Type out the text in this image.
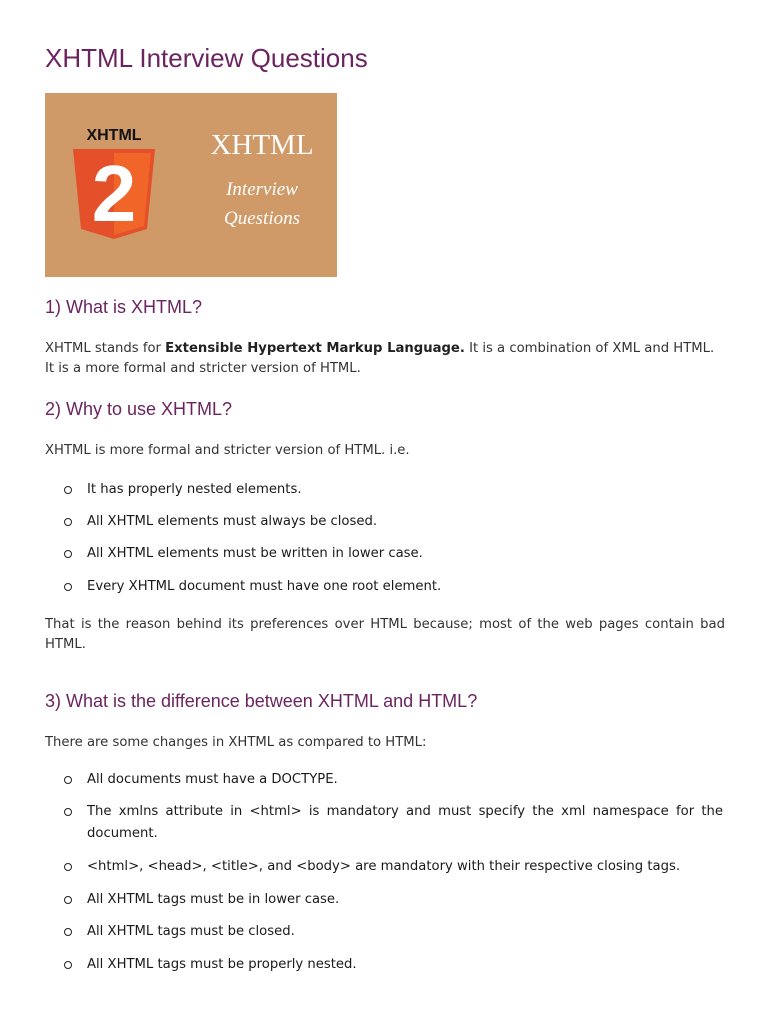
XHTML Interview Questions
XHTML
2
XHTML
Interview
Questions
1) What is XHTML?

XHTML stands for Extensible Hypertext Markup Language. It is a combination of XML and HTML. It is a more formal and stricter version of HTML.

2) Why to use XHTML?

XHTML is more formal and stricter version of HTML. i.e.

It has properly nested elements.
All XHTML elements must always be closed.
All XHTML elements must be written in lower case.
Every XHTML document must have one root element.

That is the reason behind its preferences over HTML because; most of the web pages contain bad HTML.

3) What is the difference between XHTML and HTML?

There are some changes in XHTML as compared to HTML:

All documents must have a DOCTYPE.
The xmlns attribute in <html> is mandatory and must specify the xml namespace for the document.
<html>, <head>, <title>, and <body> are mandatory with their respective closing tags.
All XHTML tags must be in lower case.
All XHTML tags must be closed.
All XHTML tags must be properly nested.
